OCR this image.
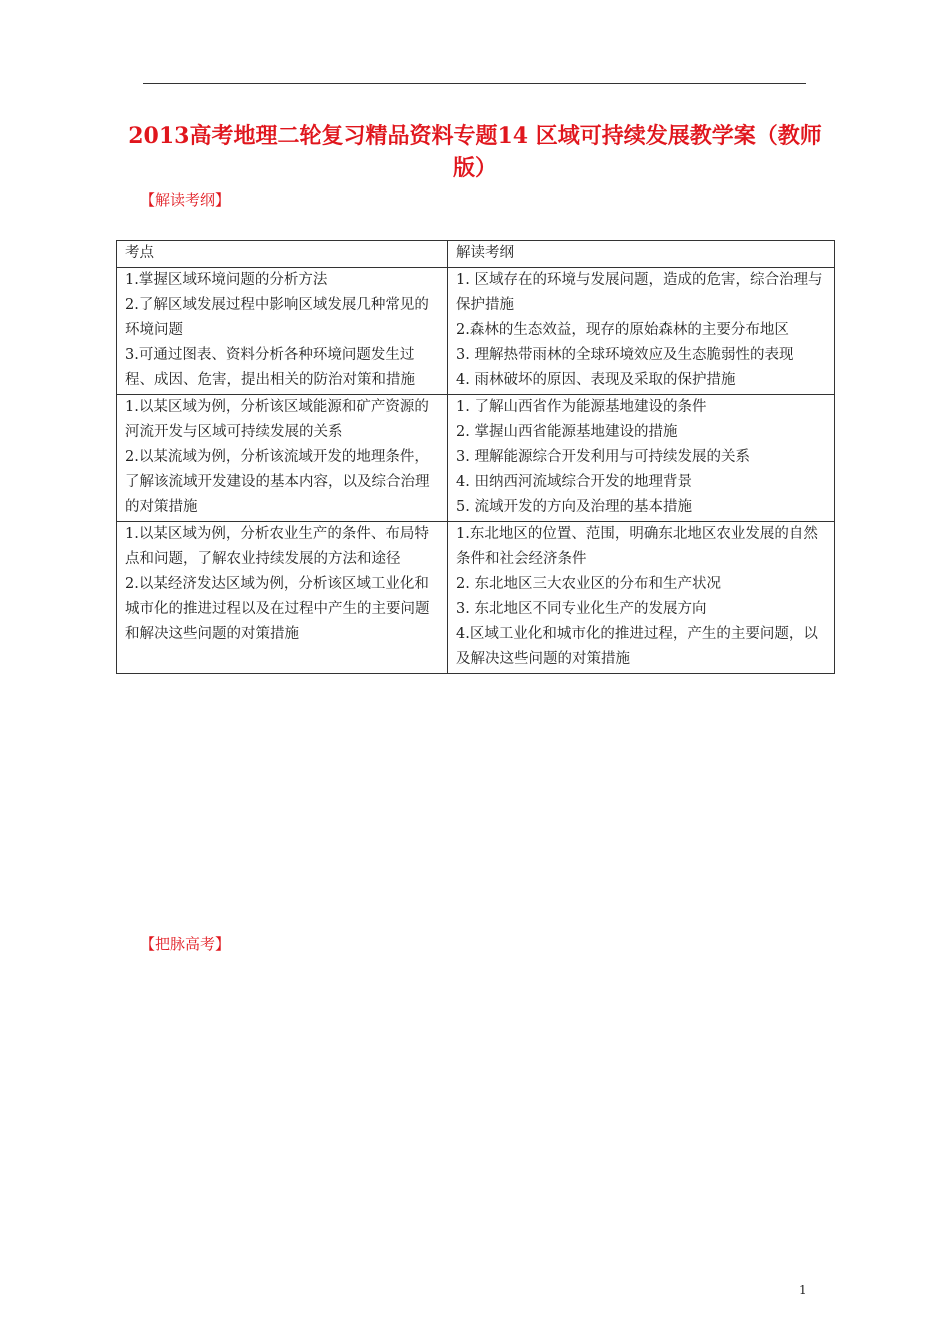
2013高考地理二轮复习精品资料专题14 区域可持续发展教学案（教师版）
【解读考纲】
考点	解读考纲

1.掌握区域环境问题的分析方法
2.了解区域发展过程中影响区域发展几种常见的环境问题
3.可通过图表、资料分析各种环境问题发生过程、成因、危害，提出相关的防治对策和措施	1. 区域存在的环境与发展问题，造成的危害，综合治理与保护措施
2.森林的生态效益，现存的原始森林的主要分布地区
3. 理解热带雨林的全球环境效应及生态脆弱性的表现
4. 雨林破坏的原因、表现及采取的保护措施

1.以某区域为例，分析该区域能源和矿产资源的河流开发与区域可持续发展的关系
2.以某流域为例，分析该流域开发的地理条件，了解该流域开发建设的基本内容，以及综合治理的对策措施	1. 了解山西省作为能源基地建设的条件
2. 掌握山西省能源基地建设的措施
3. 理解能源综合开发利用与可持续发展的关系
4. 田纳西河流域综合开发的地理背景
5. 流域开发的方向及治理的基本措施

1.以某区域为例，分析农业生产的条件、布局特点和问题，了解农业持续发展的方法和途径
2.以某经济发达区域为例，分析该区域工业化和城市化的推进过程以及在过程中产生的主要问题和解决这些问题的对策措施	1.东北地区的位置、范围，明确东北地区农业发展的自然条件和社会经济条件
2. 东北地区三大农业区的分布和生产状况
3. 东北地区不同专业化生产的发展方向
4.区域工业化和城市化的推进过程，产生的主要问题，以及解决这些问题的对策措施
【把脉高考】
1
